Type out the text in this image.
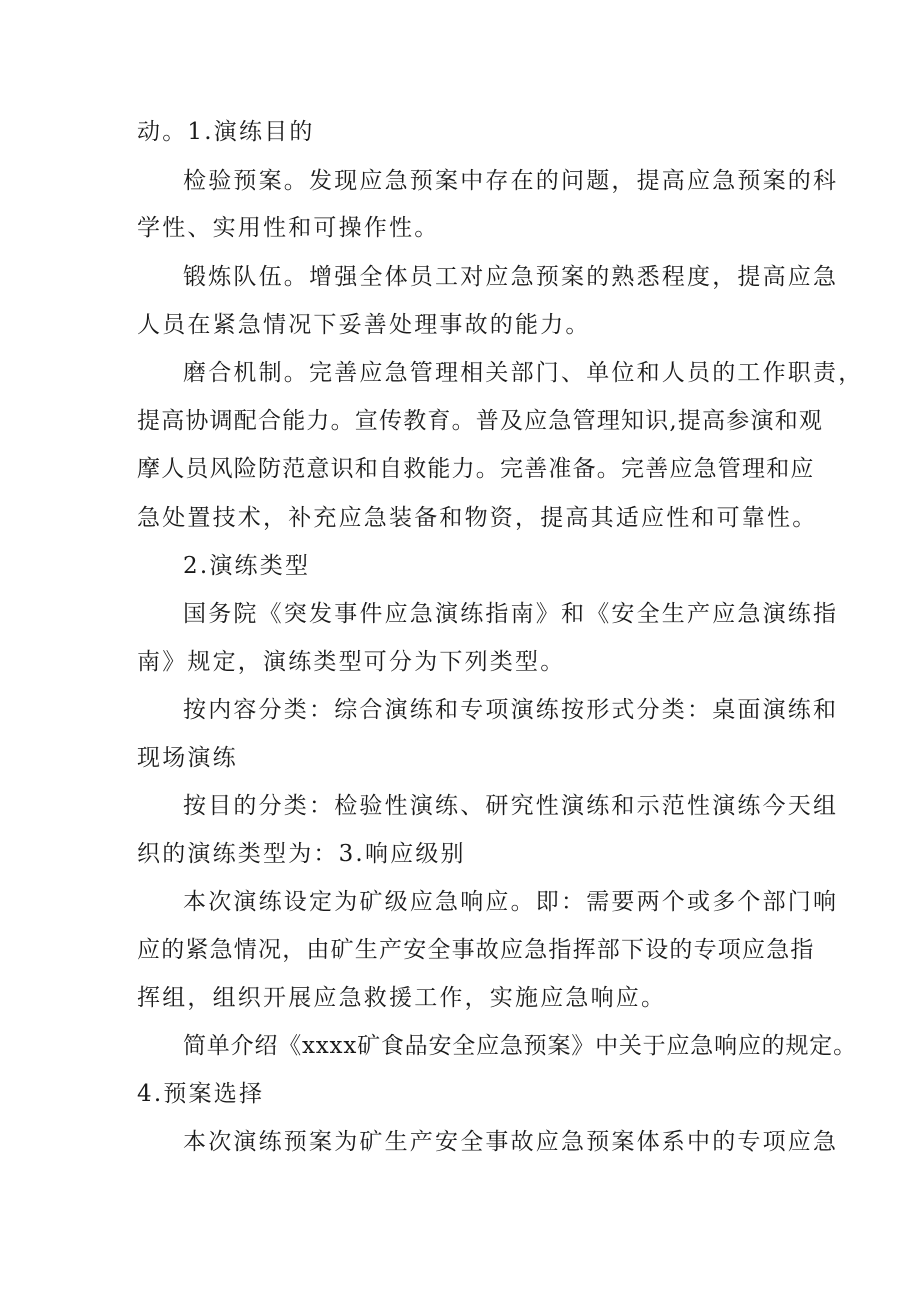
动。1.演练目的
检验预案。发现应急预案中存在的问题，提高应急预案的科
学性、实用性和可操作性。
锻炼队伍。增强全体员工对应急预案的熟悉程度，提高应急
人员在紧急情况下妥善处理事故的能力。
磨合机制。完善应急管理相关部门、单位和人员的工作职责，
提高协调配合能力。宣传教育。普及应急管理知识,提高参演和观
摩人员风险防范意识和自救能力。完善准备。完善应急管理和应
急处置技术，补充应急装备和物资，提高其适应性和可靠性。
2.演练类型
国务院《突发事件应急演练指南》和《安全生产应急演练指
南》规定，演练类型可分为下列类型。
按内容分类：综合演练和专项演练按形式分类：桌面演练和
现场演练
按目的分类：检验性演练、研究性演练和示范性演练今天组
织的演练类型为：3.响应级别
本次演练设定为矿级应急响应。即：需要两个或多个部门响
应的紧急情况，由矿生产安全事故应急指挥部下设的专项应急指
挥组，组织开展应急救援工作，实施应急响应。
简单介绍《xxxx矿食品安全应急预案》中关于应急响应的规定。
4.预案选择
本次演练预案为矿生产安全事故应急预案体系中的专项应急
